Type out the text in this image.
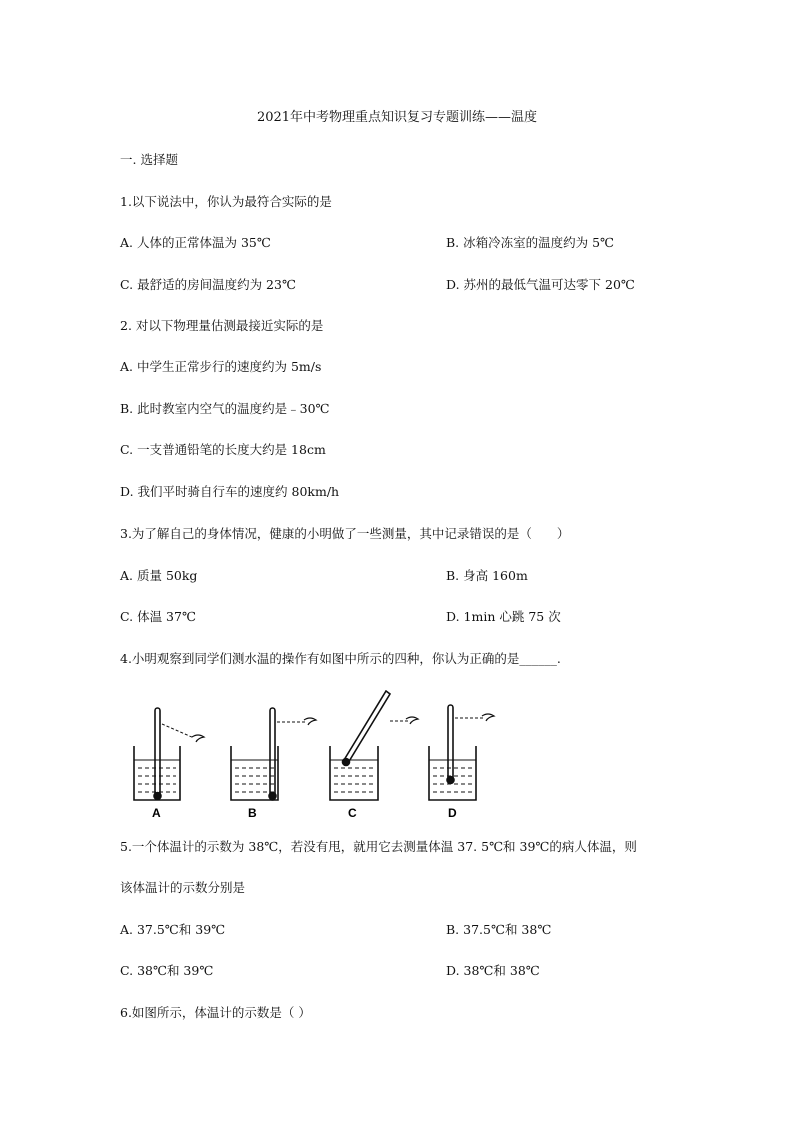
2021年中考物理重点知识复习专题训练——温度
一. 选择题
1.以下说法中，你认为最符合实际的是
A. 人体的正常体温为 35℃	B. 冰箱冷冻室的温度约为 5℃
C. 最舒适的房间温度约为 23℃	D. 苏州的最低气温可达零下 20℃
2. 对以下物理量估测最接近实际的是
A. 中学生正常步行的速度约为 5m/s
B. 此时教室内空气的温度约是﹣30℃
C. 一支普通铅笔的长度大约是 18cm
D. 我们平时骑自行车的速度约 80km/h
3.为了解自己的身体情况，健康的小明做了一些测量，其中记录错误的是（　　）
A. 质量 50kg	B. 身高 160m
C. 体温 37℃	D. 1min 心跳 75 次
4.小明观察到同学们测水温的操作有如图中所示的四种，你认为正确的是______.
A	B	C	D
5.一个体温计的示数为 38℃，若没有甩，就用它去测量体温 37. 5℃和 39℃的病人体温，则
该体温计的示数分别是
A. 37.5℃和 39℃	B. 37.5℃和 38℃
C. 38℃和 39℃	D. 38℃和 38℃
6.如图所示，体温计的示数是（ ）
